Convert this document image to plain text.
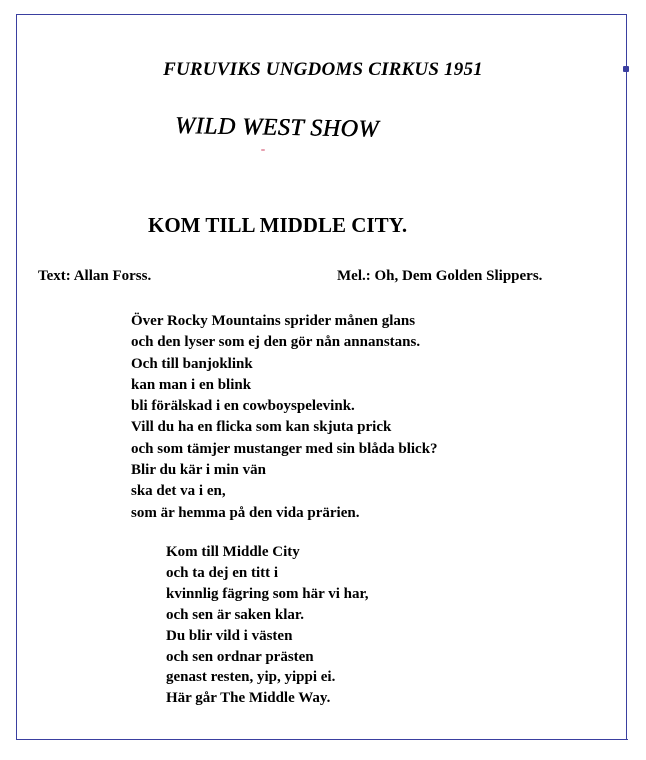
FURUVIKS UNGDOMS CIRKUS 1951
WILD WEST SHOW
KOM TILL MIDDLE CITY.
Text: Allan Forss.	Mel.: Oh, Dem Golden Slippers.
Över Rocky Mountains sprider månen glans
och den lyser som ej den gör nån annanstans.
Och till banjoklink
kan man i en blink
bli förälskad i en cowboyspelevink.
Vill du ha en flicka som kan skjuta prick
och som tämjer mustanger med sin blåda blick?
Blir du kär i min vän
ska det va i en,
som är hemma på den vida prärien.
Kom till Middle City
och ta dej en titt i
kvinnlig fägring som här vi har,
och sen är saken klar.
Du blir vild i västen
och sen ordnar prästen
genast resten, yip, yippi ei.
Här går The Middle Way.
